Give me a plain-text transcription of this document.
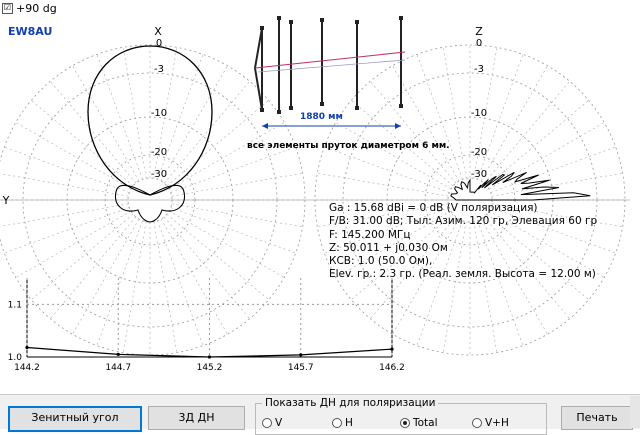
0
-3
-10
-20
-30
0
-3
-10
-20
-30
X	Z
Y
144.2	144.7	145.2	145.7	146.2
1.1
1.0
☑ +90 dg
EW8AU
1880 мм
все элементы пруток диаметром 6 мм.
Ga : 15.68 dBi = 0 dB (V поляризация)
F/B: 31.00 dB; Тыл: Азим. 120 гр, Элевация 60 гр
F: 145.200 МГц
Z: 50.011 + j0.030 Ом
КСВ: 1.0 (50.0 Ом),
Elev. гр.: 2.3 гр. (Реал. земля. Высота = 12.00 м)
Зенитный угол	3Д ДН
Показать ДН для поляризации
V	H	Total	V+H	Печать
